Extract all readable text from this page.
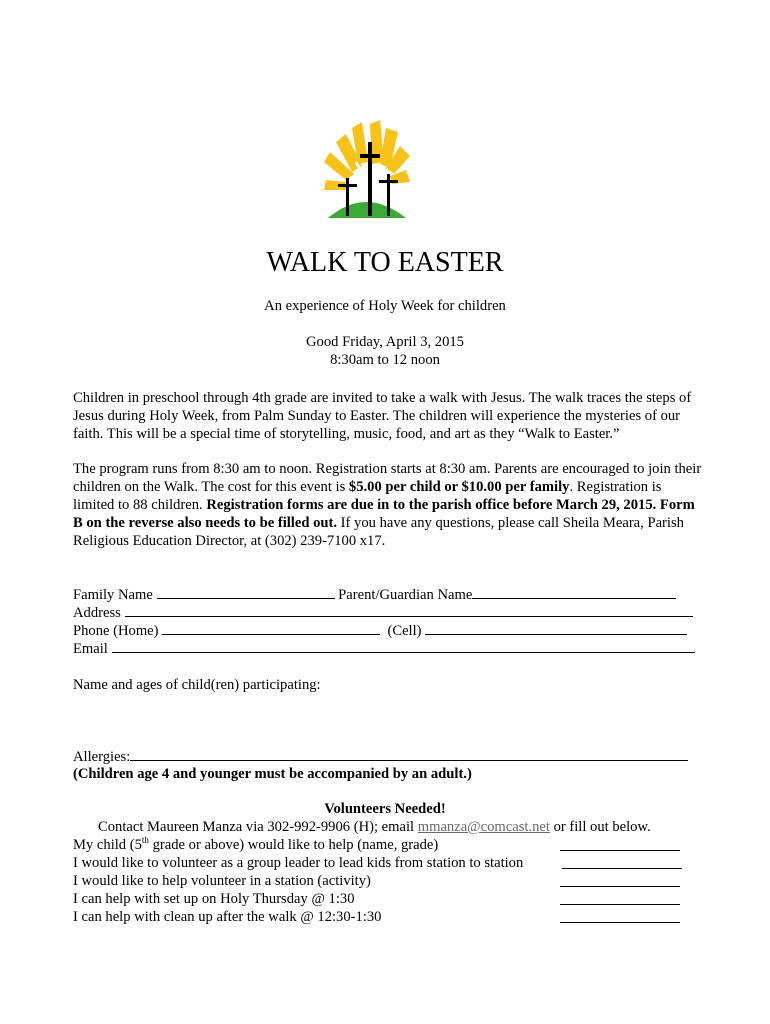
WALK TO EASTER
An experience of Holy Week for children
Good Friday, April 3, 2015
8:30am to 12 noon
Children in preschool through 4th grade are invited to take a walk with Jesus. The walk traces the steps of Jesus during Holy Week, from Palm Sunday to Easter. The children will experience the mysteries of our faith. This will be a special time of storytelling, music, food, and art as they “Walk to Easter.”
The program runs from 8:30 am to noon. Registration starts at 8:30 am. Parents are encouraged to join their children on the Walk. The cost for this event is $5.00 per child or $10.00 per family. Registration is limited to 88 children. Registration forms are due in to the parish office before March 29, 2015. Form B on the reverse also needs to be filled out. If you have any questions, please call Sheila Meara, Parish Religious Education Director, at (302) 239-7100 x17.
Family Name	Parent/Guardian Name
Address
Phone (Home)	(Cell)
Email
Name and ages of child(ren) participating:
Allergies:
(Children age 4 and younger must be accompanied by an adult.)
Volunteers Needed!
Contact Maureen Manza via 302-992-9906 (H); email mmanza@comcast.net or fill out below.
My child (5th grade or above) would like to help (name, grade)
I would like to volunteer as a group leader to lead kids from station to station
I would like to help volunteer in a station (activity)
I can help with set up on Holy Thursday @ 1:30
I can help with clean up after the walk @ 12:30-1:30
